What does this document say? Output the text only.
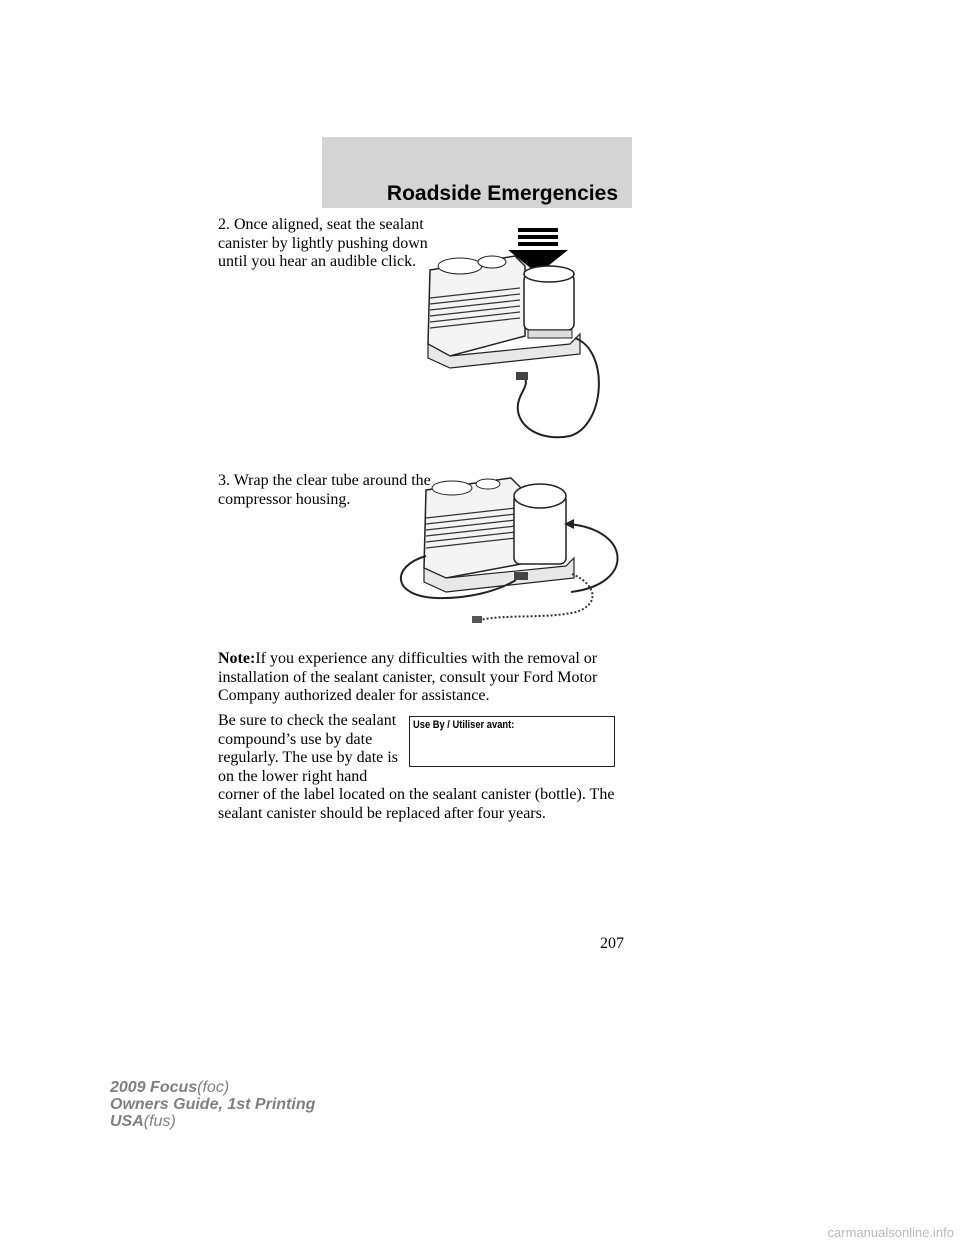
Roadside Emergencies

2. Once aligned, seat the sealant canister by lightly pushing down until you hear an audible click.

3. Wrap the clear tube around the compressor housing.

Note:If you experience any difficulties with the removal or installation of the sealant canister, consult your Ford Motor Company authorized dealer for assistance.

Be sure to check the sealant compound’s use by date regularly. The use by date is on the lower right hand corner of the label located on the sealant canister (bottle). The sealant canister should be replaced after four years.

Use By / Utiliser avant:
207
2009 Focus(foc)
Owners Guide, 1st Printing
USA(fus)
carmanualsonline.info
